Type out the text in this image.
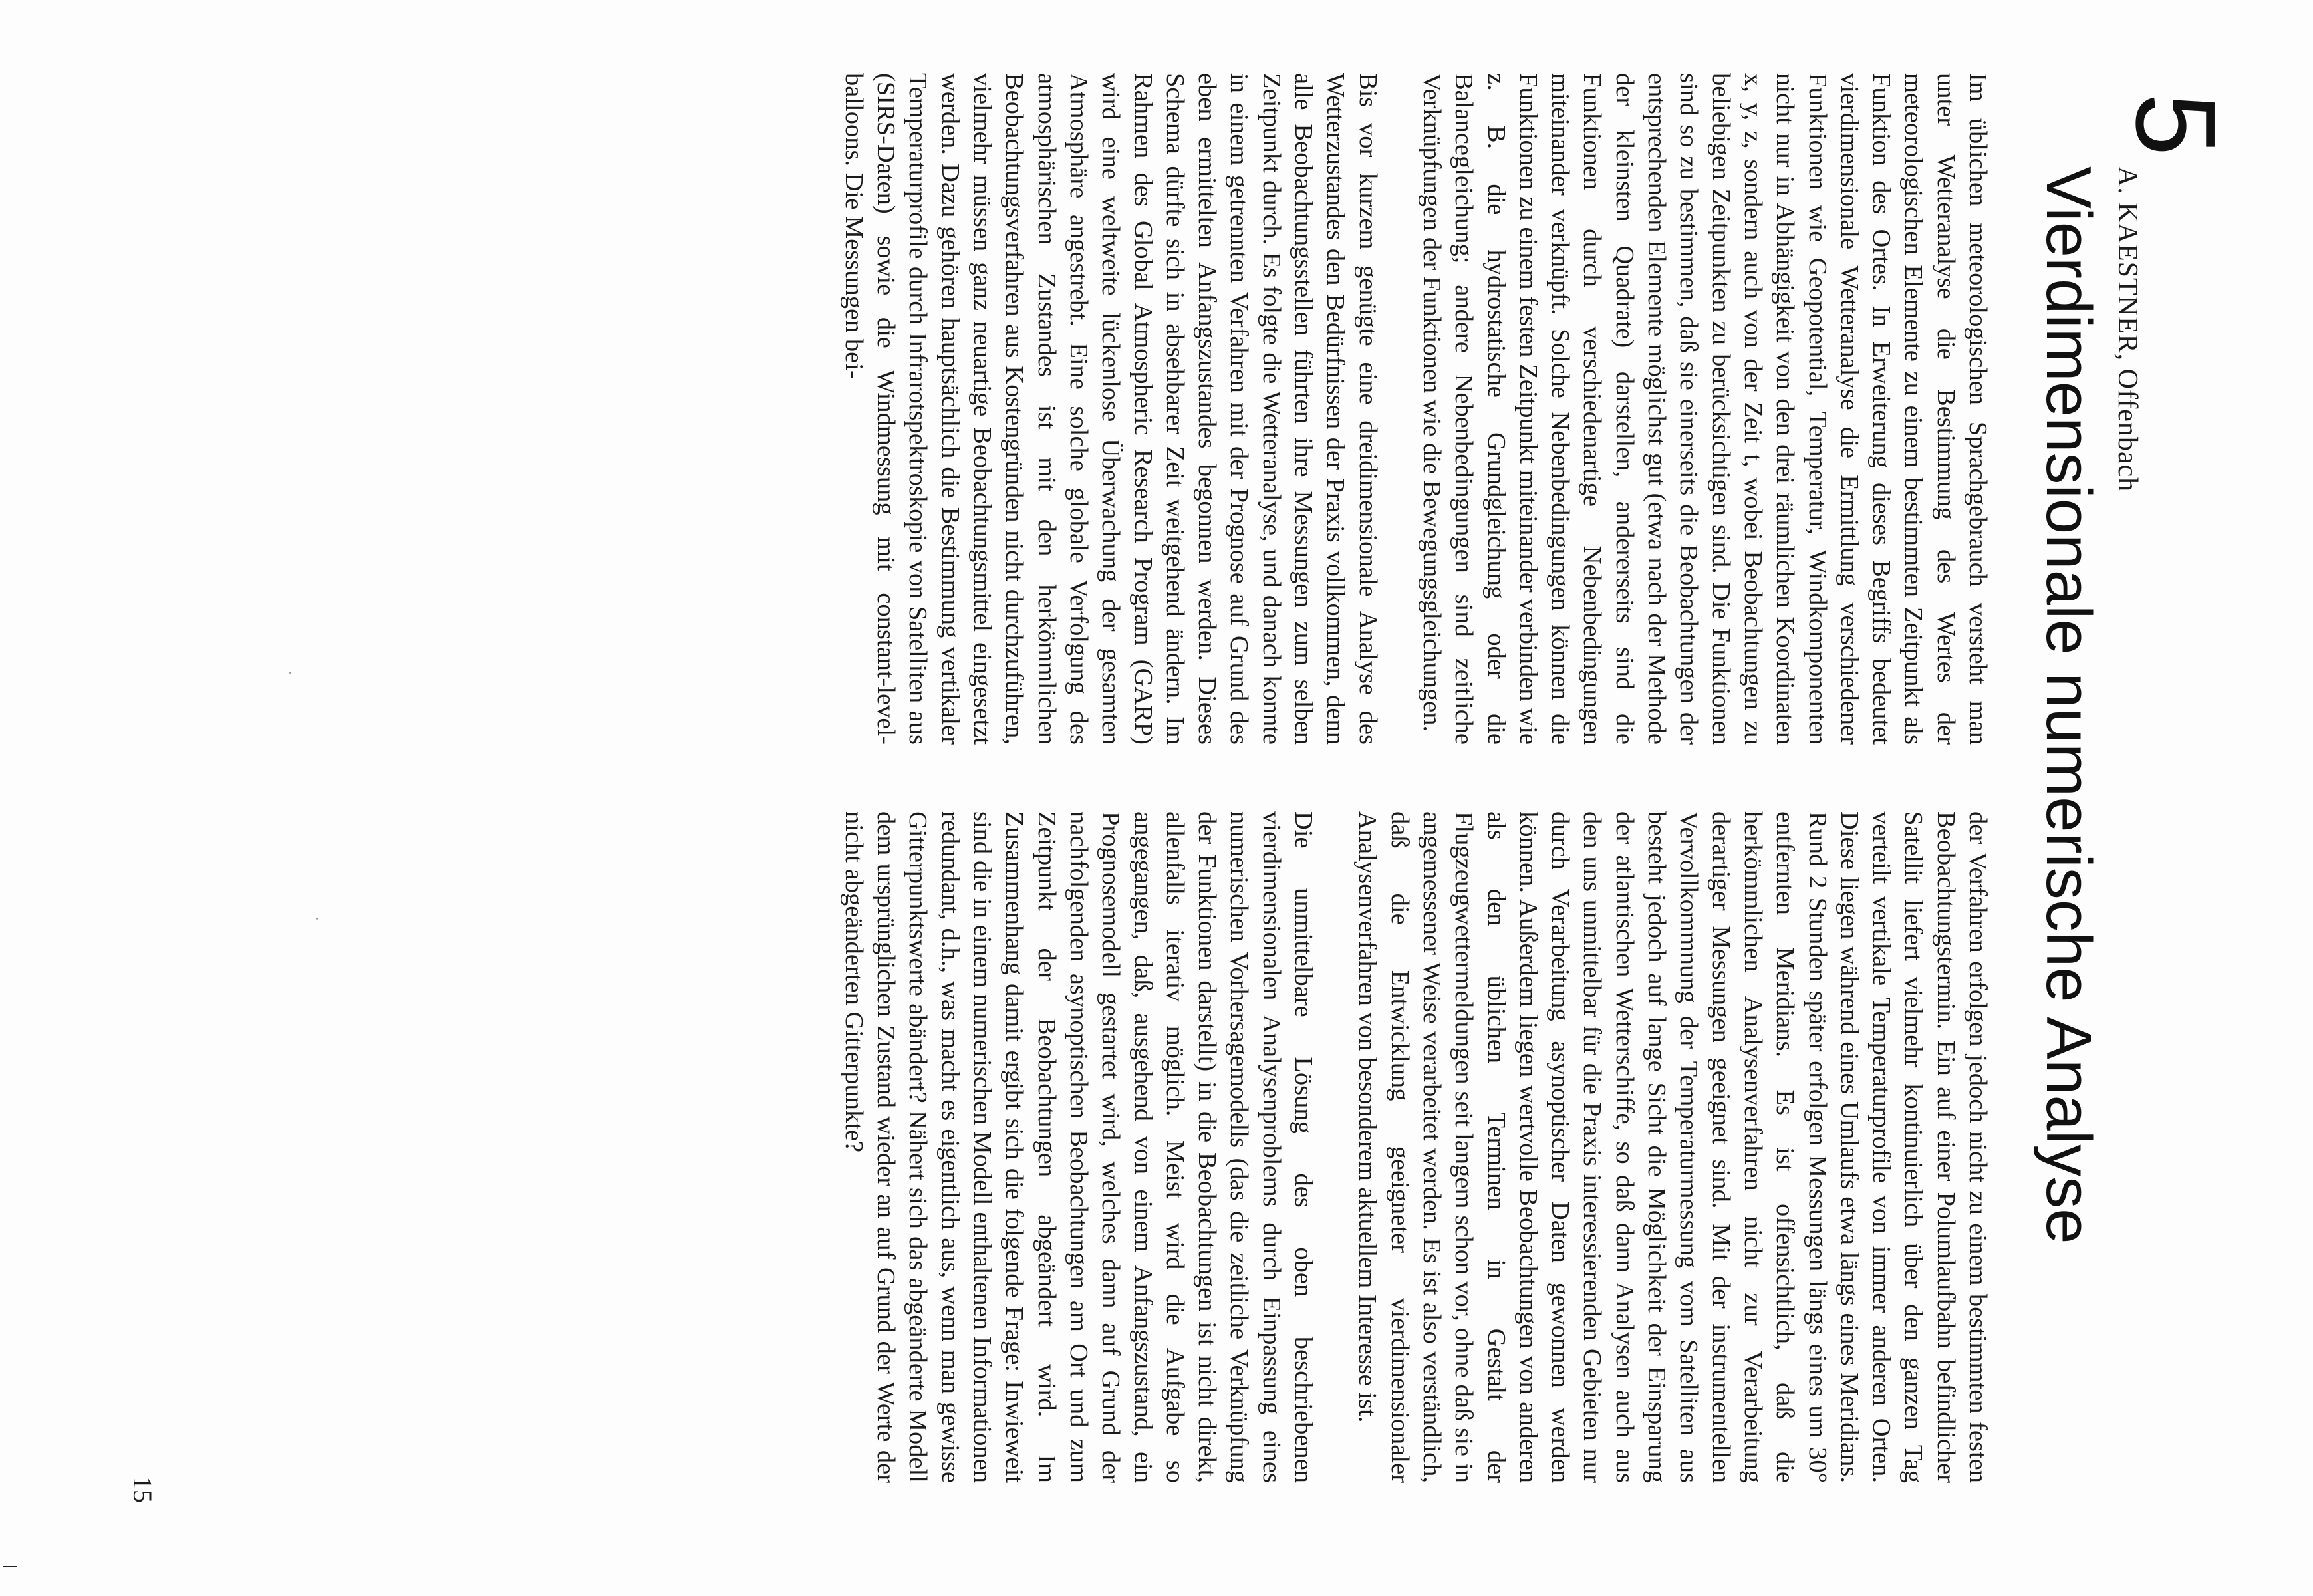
5
A. KAESTNER, Offenbach
Vierdimensionale numerische Analyse

Im üblichen meteorologischen Sprachgebrauch versteht man unter Wetteranalyse die Bestimmung des Wertes der meteorologischen Elemente zu einem bestimmten Zeitpunkt als Funktion des Ortes. In Erweiterung dieses Begriffs bedeutet vierdimensionale Wetteranalyse die Ermittlung verschiedener Funktionen wie Geopotential, Temperatur, Windkomponenten nicht nur in Abhängigkeit von den drei räumlichen Koordinaten x, y, z, sondern auch von der Zeit t, wobei Beobachtungen zu beliebigen Zeitpunkten zu berücksichtigen sind. Die Funktionen sind so zu bestimmen, daß sie einerseits die Beobachtungen der entsprechenden Elemente möglichst gut (etwa nach der Methode der kleinsten Quadrate) darstellen, andererseits sind die Funktionen durch verschiedenartige Nebenbedingungen miteinander verknüpft. Solche Nebenbedingungen können die Funktionen zu einem festen Zeitpunkt miteinander verbinden wie z. B. die hydrostatische Grundgleichung oder die Balancegleichung; andere Nebenbedingungen sind zeitliche Verknüpfungen der Funktionen wie die Bewegungsgleichungen.

Bis vor kurzem genügte eine dreidimensionale Analyse des Wetterzustandes den Bedürfnissen der Praxis vollkommen, denn alle Beobachtungsstellen führten ihre Messungen zum selben Zeitpunkt durch. Es folgte die Wetteranalyse, und danach konnte in einem getrennten Verfahren mit der Prognose auf Grund des eben ermittelten Anfangszustandes begonnen werden. Dieses Schema dürfte sich in absehbarer Zeit weitgehend ändern. Im Rahmen des Global Atmospheric Research Program (GARP) wird eine weltweite lückenlose Überwachung der gesamten Atmosphäre angestrebt. Eine solche globale Verfolgung des atmosphärischen Zustandes ist mit den herkömmlichen Beobachtungsverfahren aus Kostengründen nicht durchzuführen, vielmehr müssen ganz neuartige Beobachtungsmittel eingesetzt werden. Dazu gehören hauptsächlich die Bestimmung vertikaler Temperaturprofile durch Infrarotspektroskopie von Satelliten aus (SIRS-Daten) sowie die Windmessung mit constant-level-balloons. Die Messungen bei-

der Verfahren erfolgen jedoch nicht zu einem bestimmten festen Beobachtungstermin. Ein auf einer Polumlaufbahn befindlicher Satellit liefert vielmehr kontinuierlich über den ganzen Tag verteilt vertikale Temperaturprofile von immer anderen Orten. Diese liegen während eines Umlaufs etwa längs eines Meridians. Rund 2 Stunden später erfolgen Messungen längs eines um 30° entfernten Meridians. Es ist offensichtlich, daß die herkömmlichen Analysenverfahren nicht zur Verarbeitung derartiger Messungen geeignet sind. Mit der instrumentellen Vervollkommnung der Temperaturmessung vom Satelliten aus besteht jedoch auf lange Sicht die Möglichkeit der Einsparung der atlantischen Wetterschiffe, so daß dann Analysen auch aus den uns unmittelbar für die Praxis interessierenden Gebieten nur durch Verarbeitung asynoptischer Daten gewonnen werden können. Außerdem liegen wertvolle Beobachtungen von anderen als den üblichen Terminen in Gestalt der Flugzeugwettermeldungen seit langem schon vor, ohne daß sie in angemessener Weise verarbeitet werden. Es ist also verständlich, daß die Entwicklung geeigneter vierdimensionaler Analysenverfahren von besonderem aktuellem Interesse ist.

Die unmittelbare Lösung des oben beschriebenen vierdimensionalen Analysenproblems durch Einpassung eines numerischen Vorhersagemodells (das die zeitliche Verknüpfung der Funktionen darstellt) in die Beobachtungen ist nicht direkt, allenfalls iterativ möglich. Meist wird die Aufgabe so angegangen, daß, ausgehend von einem Anfangszustand, ein Prognosemodell gestartet wird, welches dann auf Grund der nachfolgenden asynoptischen Beobachtungen am Ort und zum Zeitpunkt der Beobachtungen abgeändert wird. Im Zusammenhang damit ergibt sich die folgende Frage: Inwieweit sind die in einem numerischen Modell enthaltenen Informationen redundant, d.h., was macht es eigentlich aus, wenn man gewisse Gitterpunktswerte abändert? Nähert sich das abgeänderte Modell dem ursprünglichen Zustand wieder an auf Grund der Werte der nicht abgeänderten Gitterpunkte?

15
